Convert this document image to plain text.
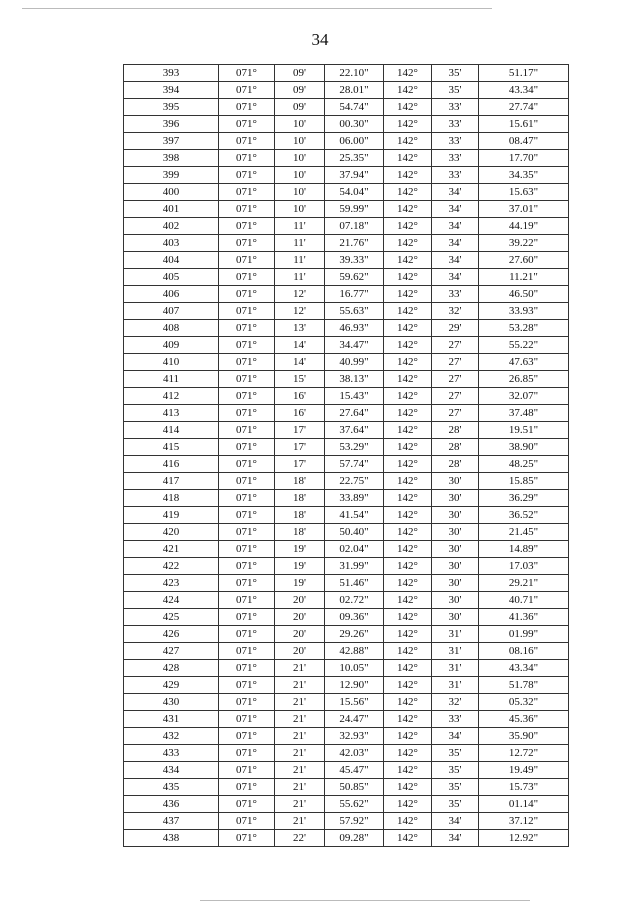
34
393	071°	09'	22.10"	142°	35'	51.17"
394	071°	09'	28.01"	142°	35'	43.34"
395	071°	09'	54.74"	142°	33'	27.74"
396	071°	10'	00.30"	142°	33'	15.61"
397	071°	10'	06.00"	142°	33'	08.47"
398	071°	10'	25.35"	142°	33'	17.70"
399	071°	10'	37.94"	142°	33'	34.35"
400	071°	10'	54.04"	142°	34'	15.63"
401	071°	10'	59.99"	142°	34'	37.01"
402	071°	11'	07.18"	142°	34'	44.19"
403	071°	11'	21.76"	142°	34'	39.22"
404	071°	11'	39.33"	142°	34'	27.60"
405	071°	11'	59.62"	142°	34'	11.21"
406	071°	12'	16.77"	142°	33'	46.50"
407	071°	12'	55.63"	142°	32'	33.93"
408	071°	13'	46.93"	142°	29'	53.28"
409	071°	14'	34.47"	142°	27'	55.22"
410	071°	14'	40.99"	142°	27'	47.63"
411	071°	15'	38.13"	142°	27'	26.85"
412	071°	16'	15.43"	142°	27'	32.07"
413	071°	16'	27.64"	142°	27'	37.48"
414	071°	17'	37.64"	142°	28'	19.51"
415	071°	17'	53.29"	142°	28'	38.90"
416	071°	17'	57.74"	142°	28'	48.25"
417	071°	18'	22.75"	142°	30'	15.85"
418	071°	18'	33.89"	142°	30'	36.29"
419	071°	18'	41.54"	142°	30'	36.52"
420	071°	18'	50.40"	142°	30'	21.45"
421	071°	19'	02.04"	142°	30'	14.89"
422	071°	19'	31.99"	142°	30'	17.03"
423	071°	19'	51.46"	142°	30'	29.21"
424	071°	20'	02.72"	142°	30'	40.71"
425	071°	20'	09.36"	142°	30'	41.36"
426	071°	20'	29.26"	142°	31'	01.99"
427	071°	20'	42.88"	142°	31'	08.16"
428	071°	21'	10.05"	142°	31'	43.34"
429	071°	21'	12.90"	142°	31'	51.78"
430	071°	21'	15.56"	142°	32'	05.32"
431	071°	21'	24.47"	142°	33'	45.36"
432	071°	21'	32.93"	142°	34'	35.90"
433	071°	21'	42.03"	142°	35'	12.72"
434	071°	21'	45.47"	142°	35'	19.49"
435	071°	21'	50.85"	142°	35'	15.73"
436	071°	21'	55.62"	142°	35'	01.14"
437	071°	21'	57.92"	142°	34'	37.12"
438	071°	22'	09.28"	142°	34'	12.92"
